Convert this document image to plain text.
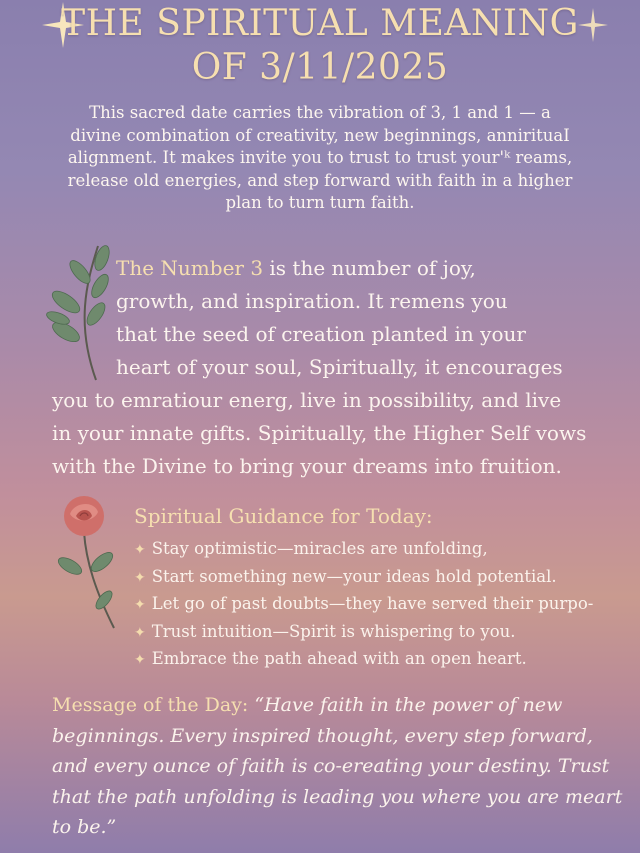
THE SPIRITUAL MEANING
OF 3/11/2025
This sacred date carries the vibration of 3, 1 and 1 — a
divine combination of creativity, new beginnings, annirituaI
alignment. It makes invite you to trust to trust your'ᵏ reams,
release old energies, and step forward with faith in a higher
plan to turn turn faith.
The Number 3 is the number of joy,
growth, and inspiration. It remens you
that the seed of creation planted in your
heart of your soul, Spiritually, it encourages
you to emratiour energ, live in possibility, and live
in your innate gifts. Spiritually, the Higher Self vows
with the Divine to bring your dreams into fruition.
Spiritual Guidance for Today:
✦ Stay optimistic—miracles are unfolding,
✦ Start something new—your ideas hold potential.
✦ Let go of past doubts—they have served their purpo-
✦ Trust intuition—Spirit is whispering to you.
✦ Embrace the path ahead with an open heart.
Message of the Day: “Have faith in the power of new
beginnings. Every inspired thought, every step forward,
and every ounce of faith is co-ereating your destiny. Trust
that the path unfolding is leading you where you are meart
to be.”
